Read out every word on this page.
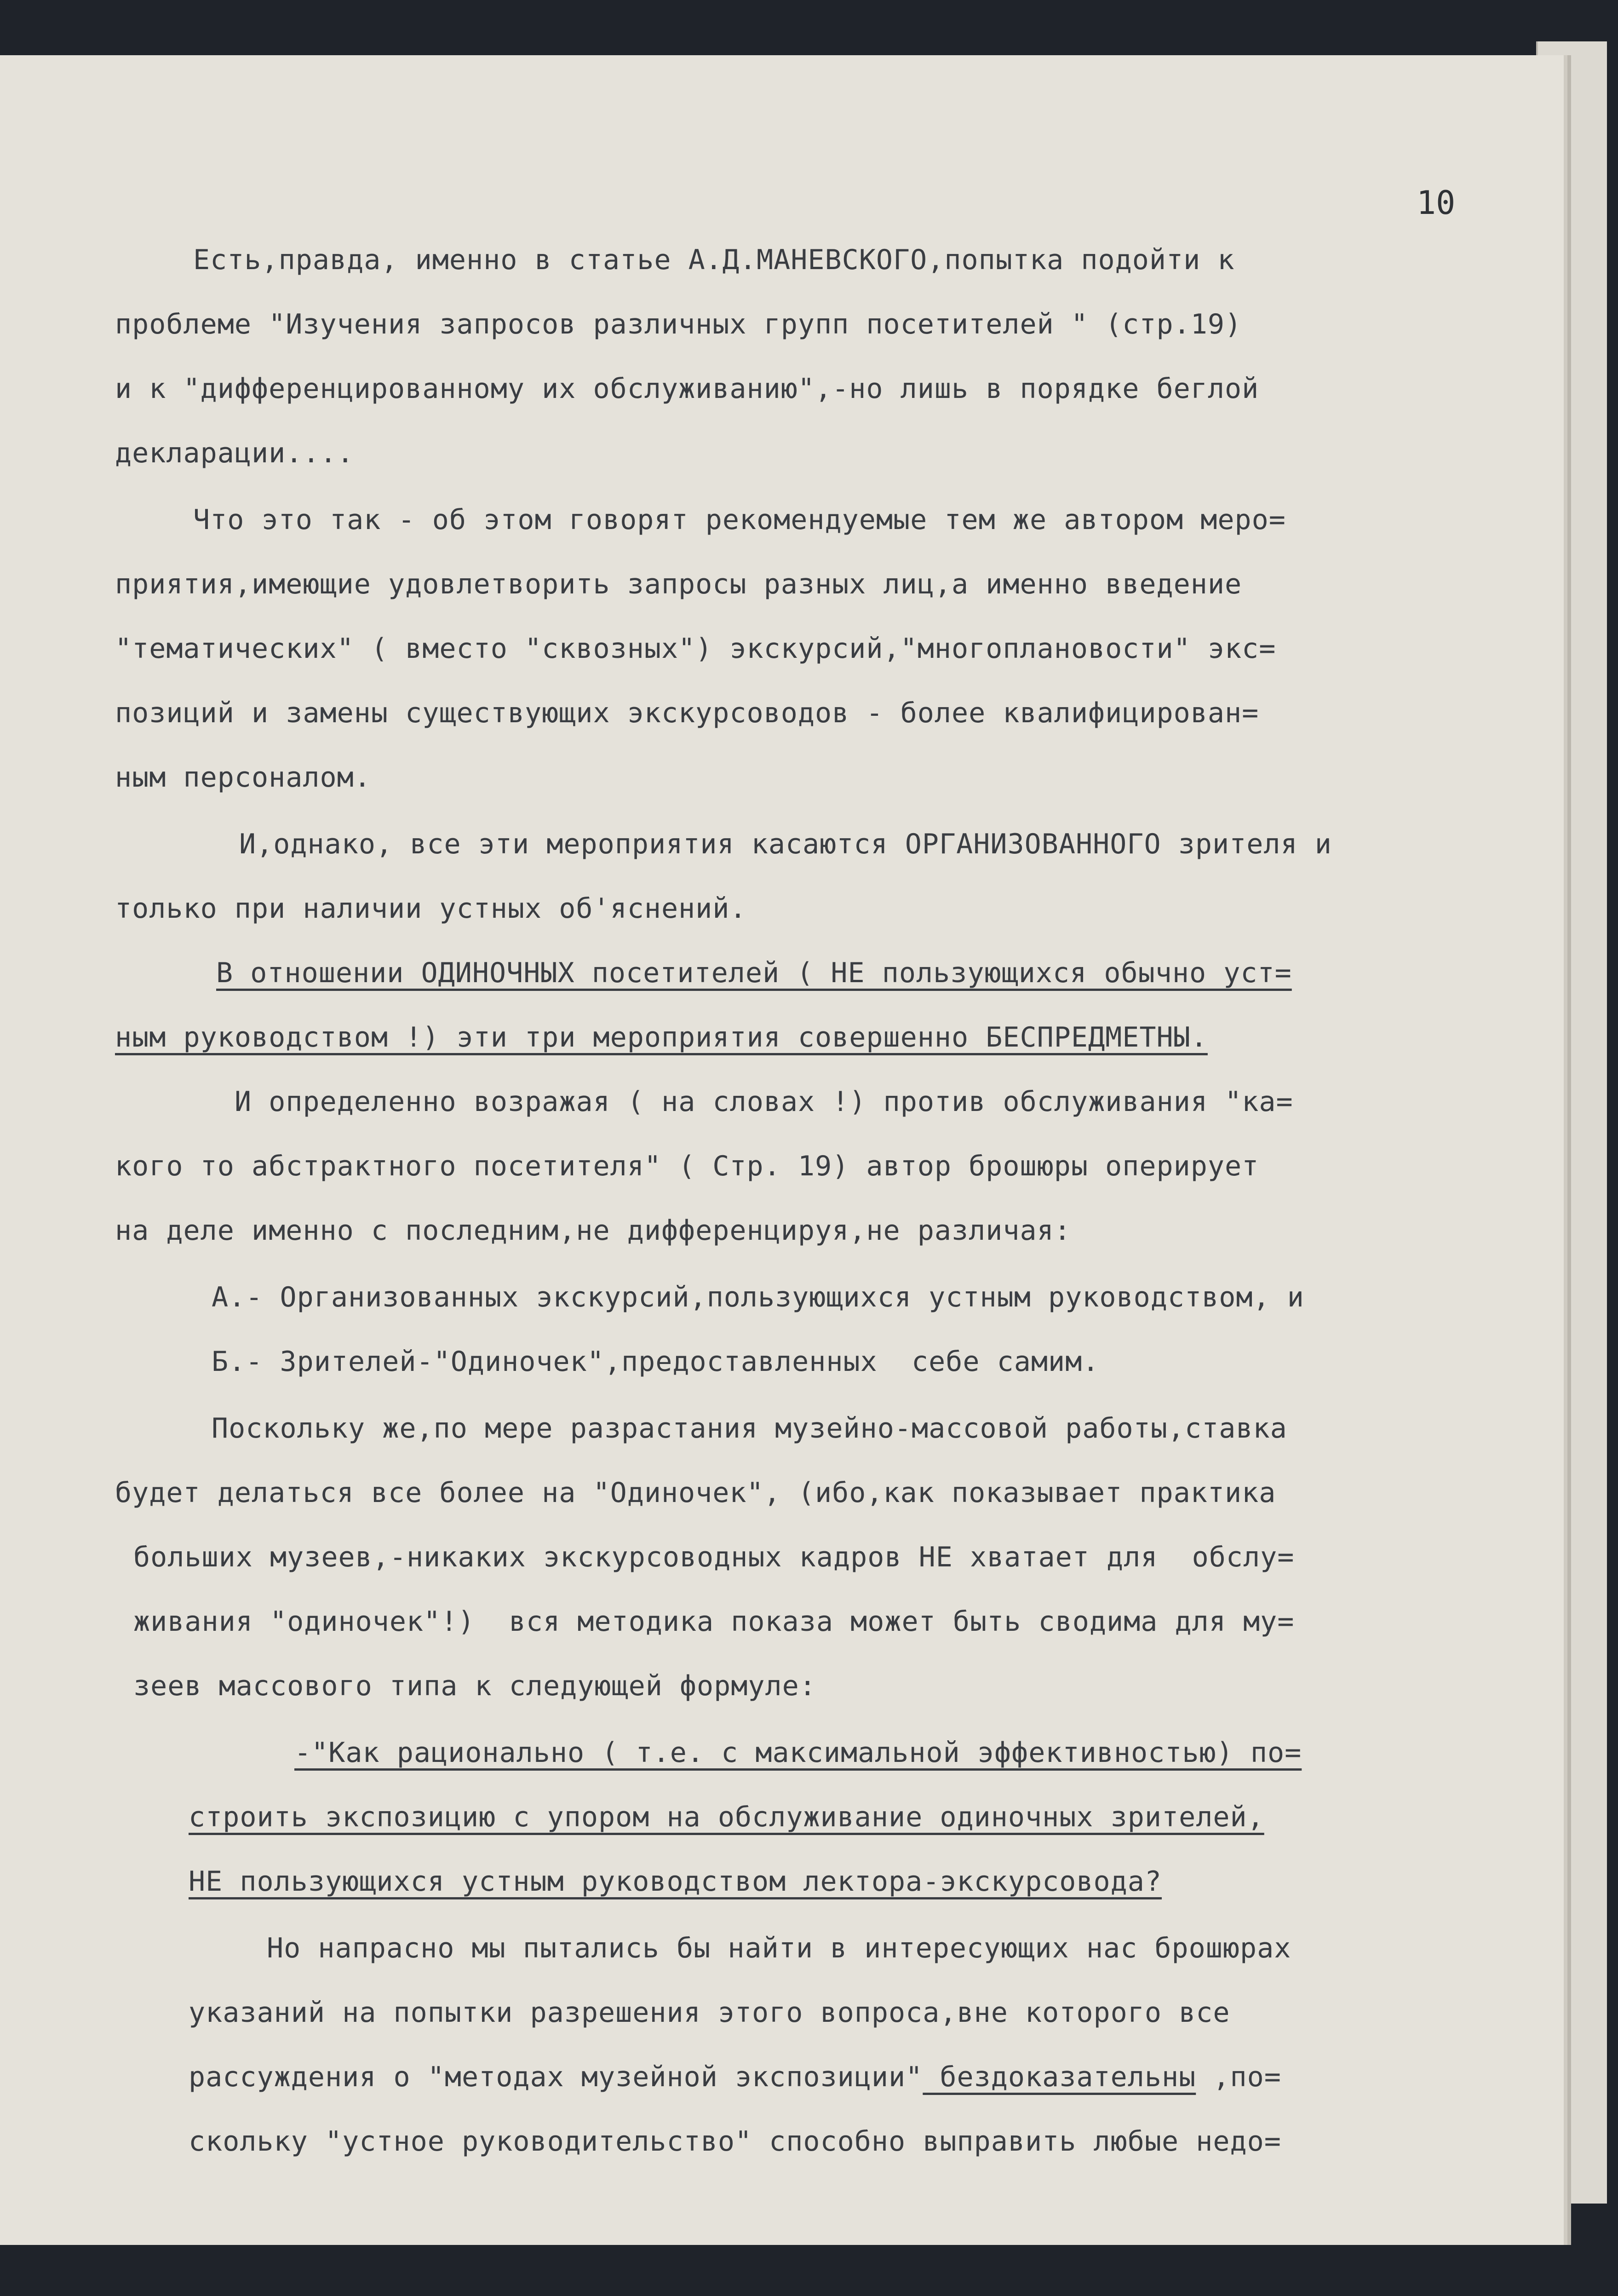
10
Есть,правда, именно в статье А.Д.МАНЕВСКОГО,попытка подойти к
проблеме "Изучения запросов различных групп посетителей " (стр.19)
и к "дифференцированному их обслуживанию",-но лишь в порядке беглой
декларации....
Что это так - об этом говорят рекомендуемые тем же автором меро=
приятия,имеющие удовлетворить запросы разных лиц,а именно введение
"тематических" ( вместо "сквозных") экскурсий,"многоплановости" экс=
позиций и замены существующих экскурсоводов - более квалифицирован=
ным персоналом.
И,однако, все эти мероприятия касаются ОРГАНИЗОВАННОГО зрителя и
только при наличии устных об'яснений.
В отношении ОДИНОЧНЫХ посетителей ( НЕ пользующихся обычно уст=
ным руководством !) эти три мероприятия совершенно БЕСПРЕДМЕТНЫ.
И определенно возражая ( на словах !) против обслуживания "ка=
кого то абстрактного посетителя" ( Стр. 19) автор брошюры оперирует
на деле именно с последним,не дифференцируя,не различая:
А.- Организованных экскурсий,пользующихся устным руководством, и
Б.- Зрителей-"Одиночек",предоставленных  себе самим.
Поскольку же,по мере разрастания музейно-массовой работы,ставка
будет делаться все более на "Одиночек", (ибо,как показывает практика
больших музеев,-никаких экскурсоводных кадров НЕ хватает для  обслу=
живания "одиночек"!)  вся методика показа может быть сводима для му=
зеев массового типа к следующей формуле:
-"Как рационально ( т.е. с максимальной эффективностью) по=
строить экспозицию с упором на обслуживание одиночных зрителей,
НЕ пользующихся устным руководством лектора-экскурсовода?
Но напрасно мы пытались бы найти в интересующих нас брошюрах
указаний на попытки разрешения этого вопроса,вне которого все
рассуждения о "методах музейной экспозиции" бездоказательны ,по=
скольку "устное руководительство" способно выправить любые недо=
